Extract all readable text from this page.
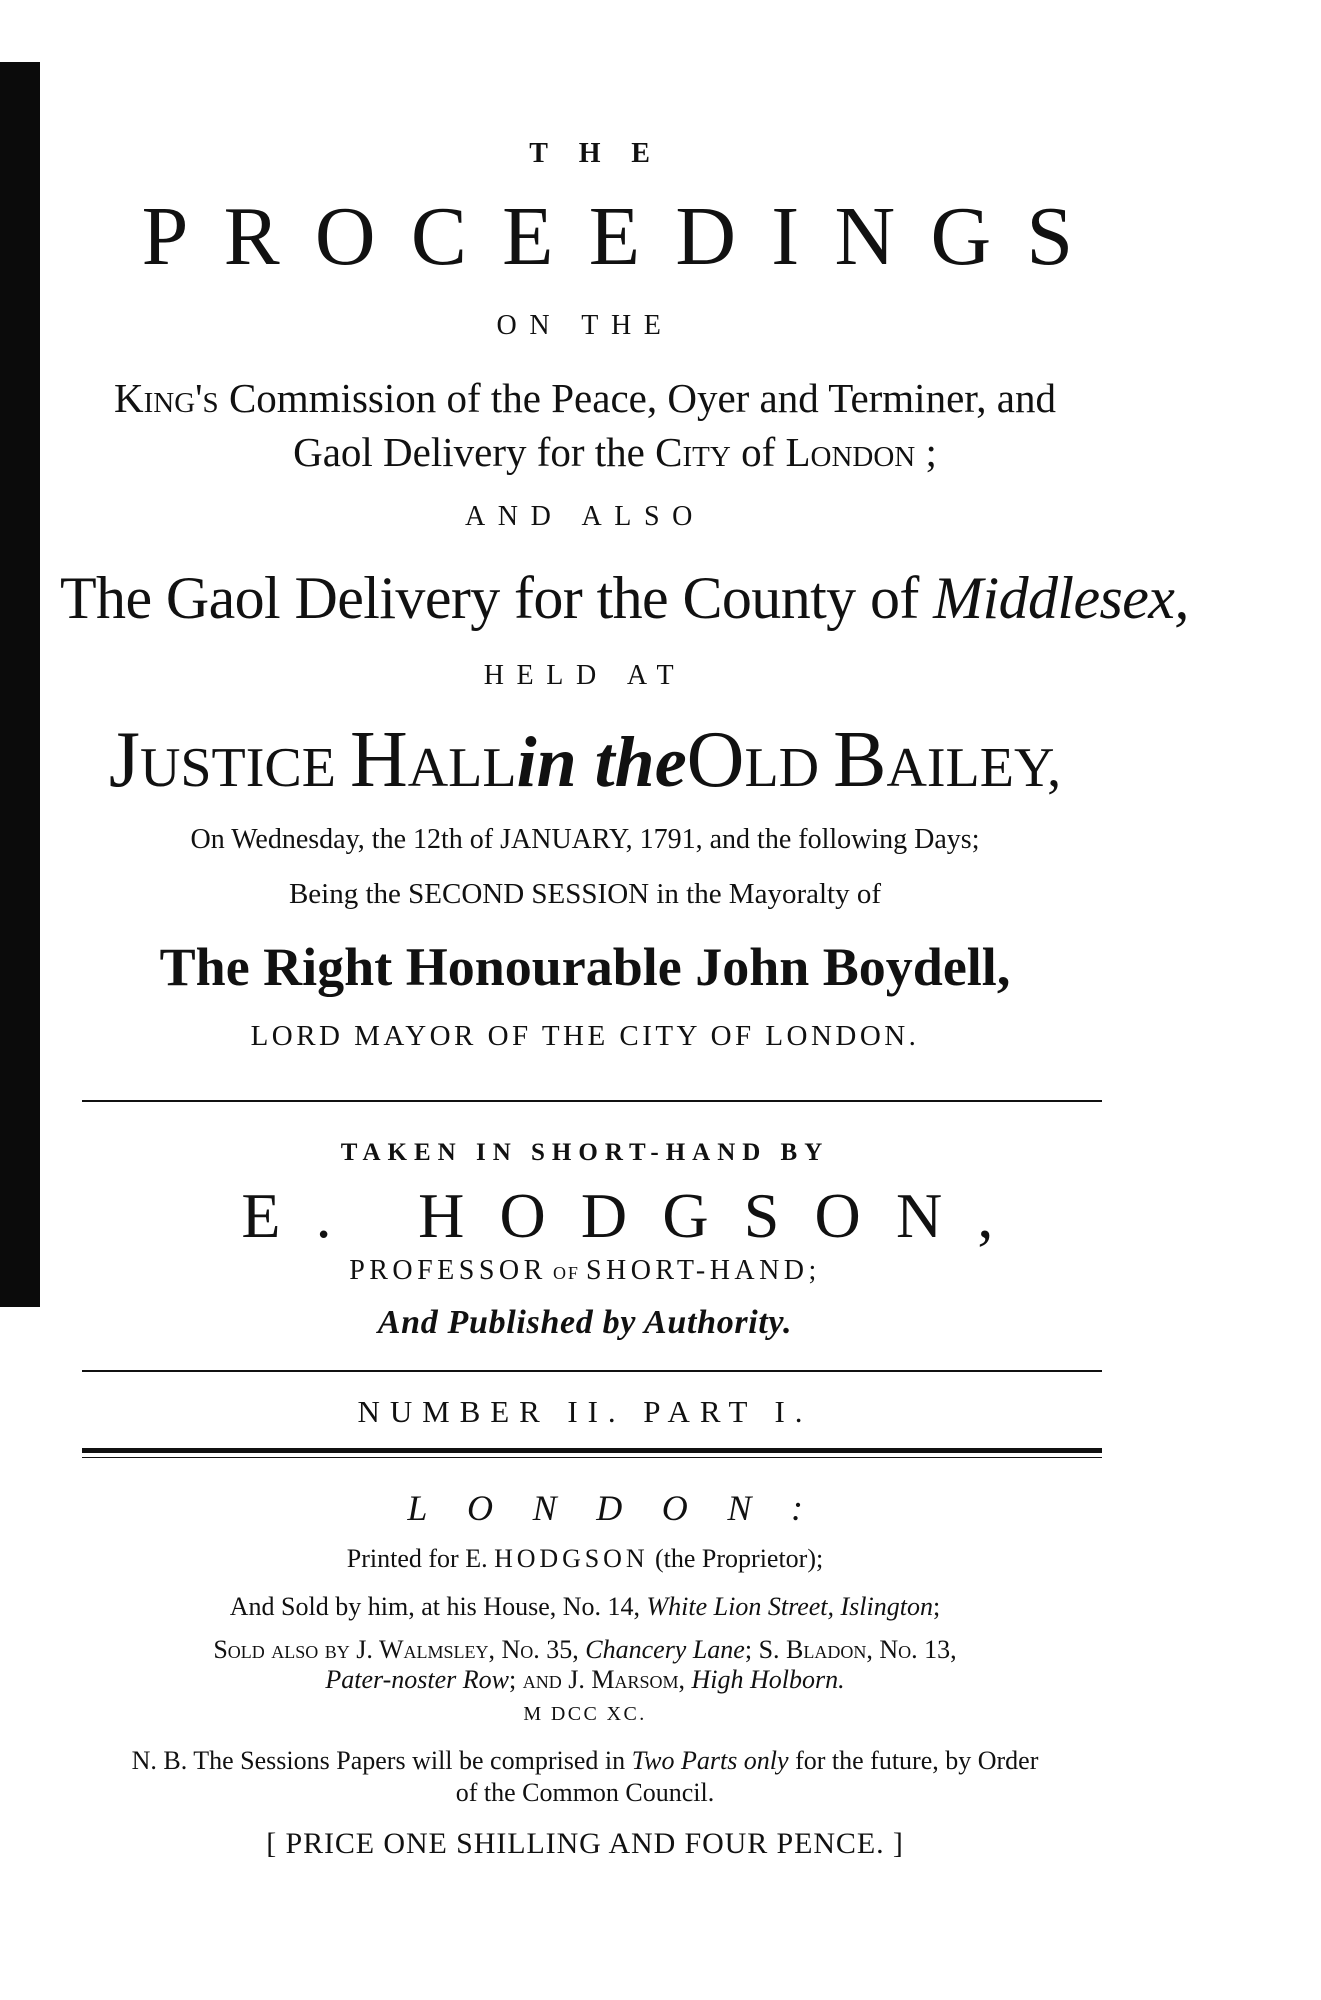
THE
PROCEEDINGS
ON THE
King's Commission of the Peace, Oyer and Terminer, and
Gaol Delivery for the City of London ;
AND ALSO
The Gaol Delivery for the County of Middlesex,
HELD AT
JUSTICE HALLin theOLD BAILEY,
On Wednesday, the 12th of JANUARY, 1791, and the following Days;
Being the SECOND SESSION in the Mayoralty of
The Right Honourable John Boydell,
LORD MAYOR OF THE CITY OF LONDON.
TAKEN IN SHORT-HAND BY
E. HODGSON,
PROFESSOR OF SHORT-HAND;
And Published by Authority.
NUMBER II. PART I.
LONDON:
Printed for E. HODGSON (the Proprietor);
And Sold by him, at his House, No. 14, White Lion Street, Islington;
Sold also by J. Walmsley, No. 35, Chancery Lane; S. Bladon, No. 13,
Pater-noster Row; and J. Marsom, High Holborn.
M DCC XC.
N. B. The Sessions Papers will be comprised in Two Parts only for the future, by Order
of the Common Council.
[ PRICE ONE SHILLING AND FOUR PENCE. ]
